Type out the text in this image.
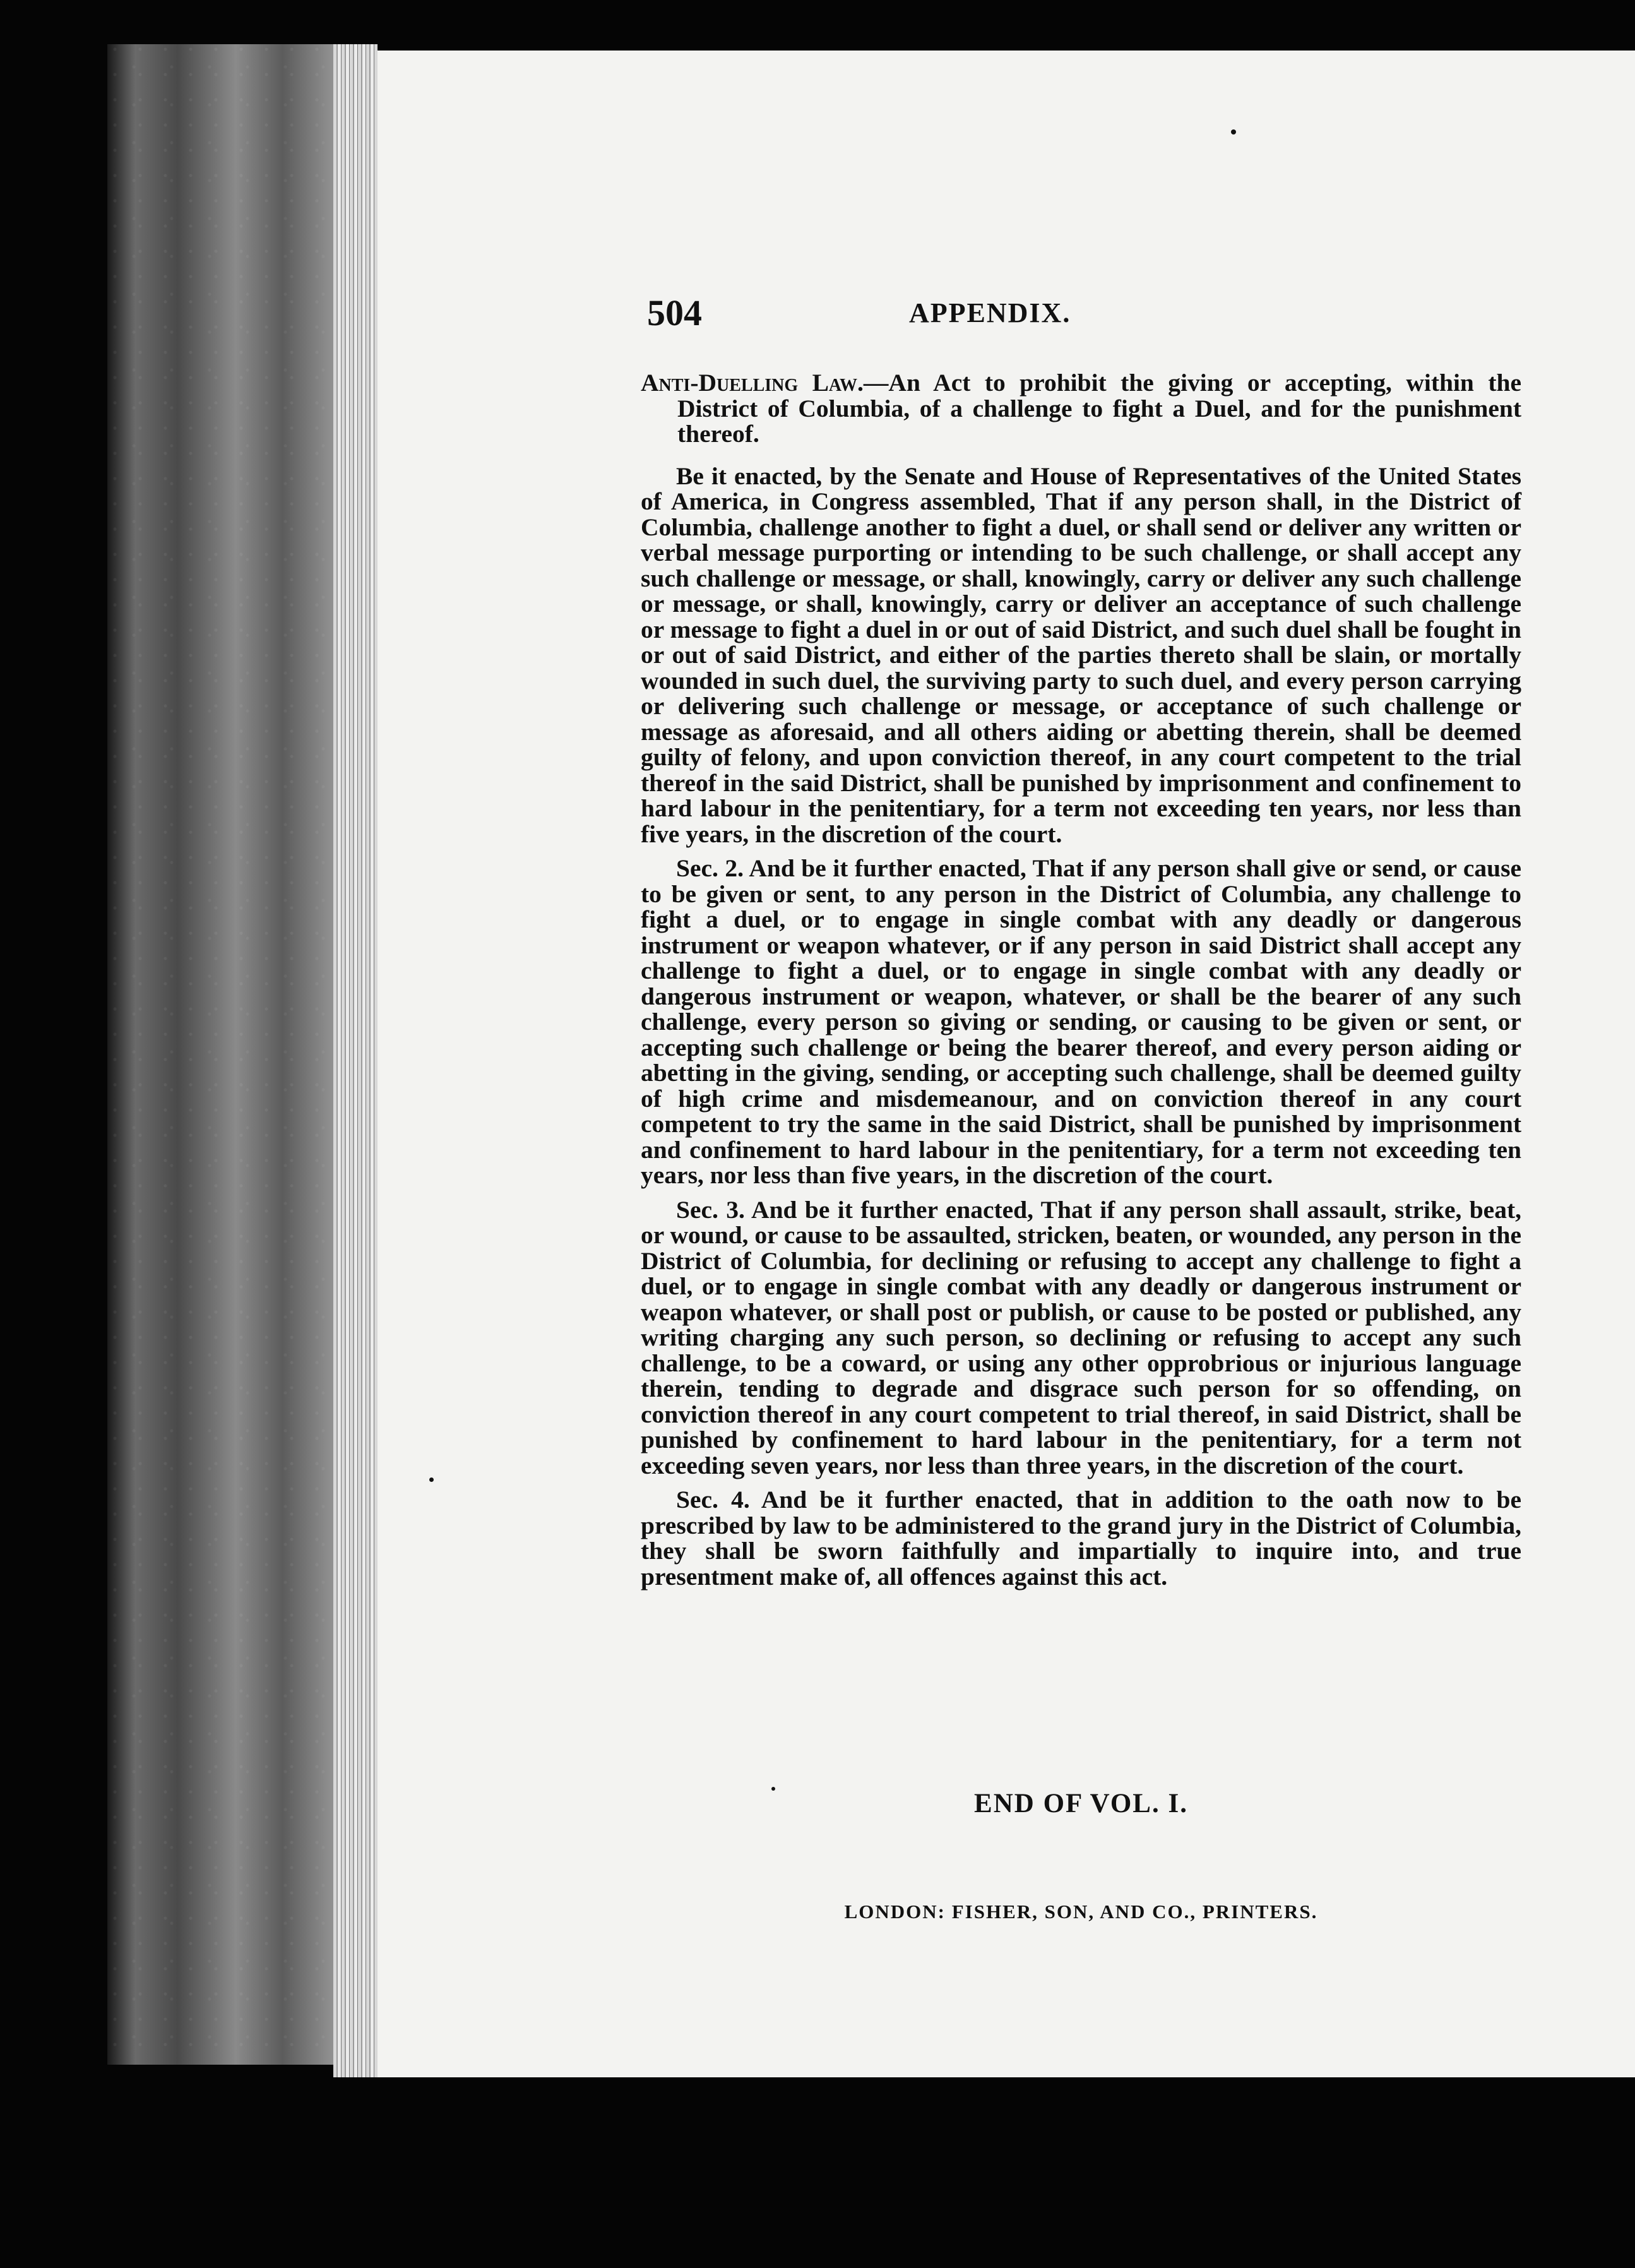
504	APPENDIX.

Anti-Duelling Law.—An Act to prohibit the giving or accepting, within the District of Columbia, of a challenge to fight a Duel, and for the punishment thereof.

Be it enacted, by the Senate and House of Representatives of the United States of America, in Congress assembled, That if any person shall, in the District of Columbia, challenge another to fight a duel, or shall send or deliver any written or verbal message purporting or intending to be such challenge, or shall accept any such challenge or message, or shall, knowingly, carry or deliver any such challenge or message, or shall, knowingly, carry or deliver an acceptance of such challenge or message to fight a duel in or out of said District, and such duel shall be fought in or out of said District, and either of the parties thereto shall be slain, or mortally wounded in such duel, the surviving party to such duel, and every person carrying or delivering such challenge or message, or acceptance of such challenge or message as aforesaid, and all others aiding or abetting therein, shall be deemed guilty of felony, and upon conviction thereof, in any court competent to the trial thereof in the said District, shall be punished by imprisonment and confinement to hard labour in the penitentiary, for a term not exceeding ten years, nor less than five years, in the discretion of the court.

Sec. 2. And be it further enacted, That if any person shall give or send, or cause to be given or sent, to any person in the District of Columbia, any challenge to fight a duel, or to engage in single combat with any deadly or dangerous instrument or weapon whatever, or if any person in said District shall accept any challenge to fight a duel, or to engage in single combat with any deadly or dangerous instrument or weapon, whatever, or shall be the bearer of any such challenge, every person so giving or sending, or causing to be given or sent, or accepting such challenge or being the bearer thereof, and every person aiding or abetting in the giving, sending, or accepting such challenge, shall be deemed guilty of high crime and misdemeanour, and on conviction thereof in any court competent to try the same in the said District, shall be punished by imprisonment and confinement to hard labour in the penitentiary, for a term not exceeding ten years, nor less than five years, in the discretion of the court.

Sec. 3. And be it further enacted, That if any person shall assault, strike, beat, or wound, or cause to be assaulted, stricken, beaten, or wounded, any person in the District of Columbia, for declining or refusing to accept any challenge to fight a duel, or to engage in single combat with any deadly or dangerous instrument or weapon whatever, or shall post or publish, or cause to be posted or published, any writing charging any such person, so declining or refusing to accept any such challenge, to be a coward, or using any other opprobrious or injurious language therein, tending to degrade and disgrace such person for so offending, on conviction thereof in any court competent to trial thereof, in said District, shall be punished by confinement to hard labour in the penitentiary, for a term not exceeding seven years, nor less than three years, in the discretion of the court.

Sec. 4. And be it further enacted, that in addition to the oath now to be prescribed by law to be administered to the grand jury in the District of Columbia, they shall be sworn faithfully and impartially to inquire into, and true presentment make of, all offences against this act.

END OF VOL. I.
LONDON: FISHER, SON, AND CO., PRINTERS.
